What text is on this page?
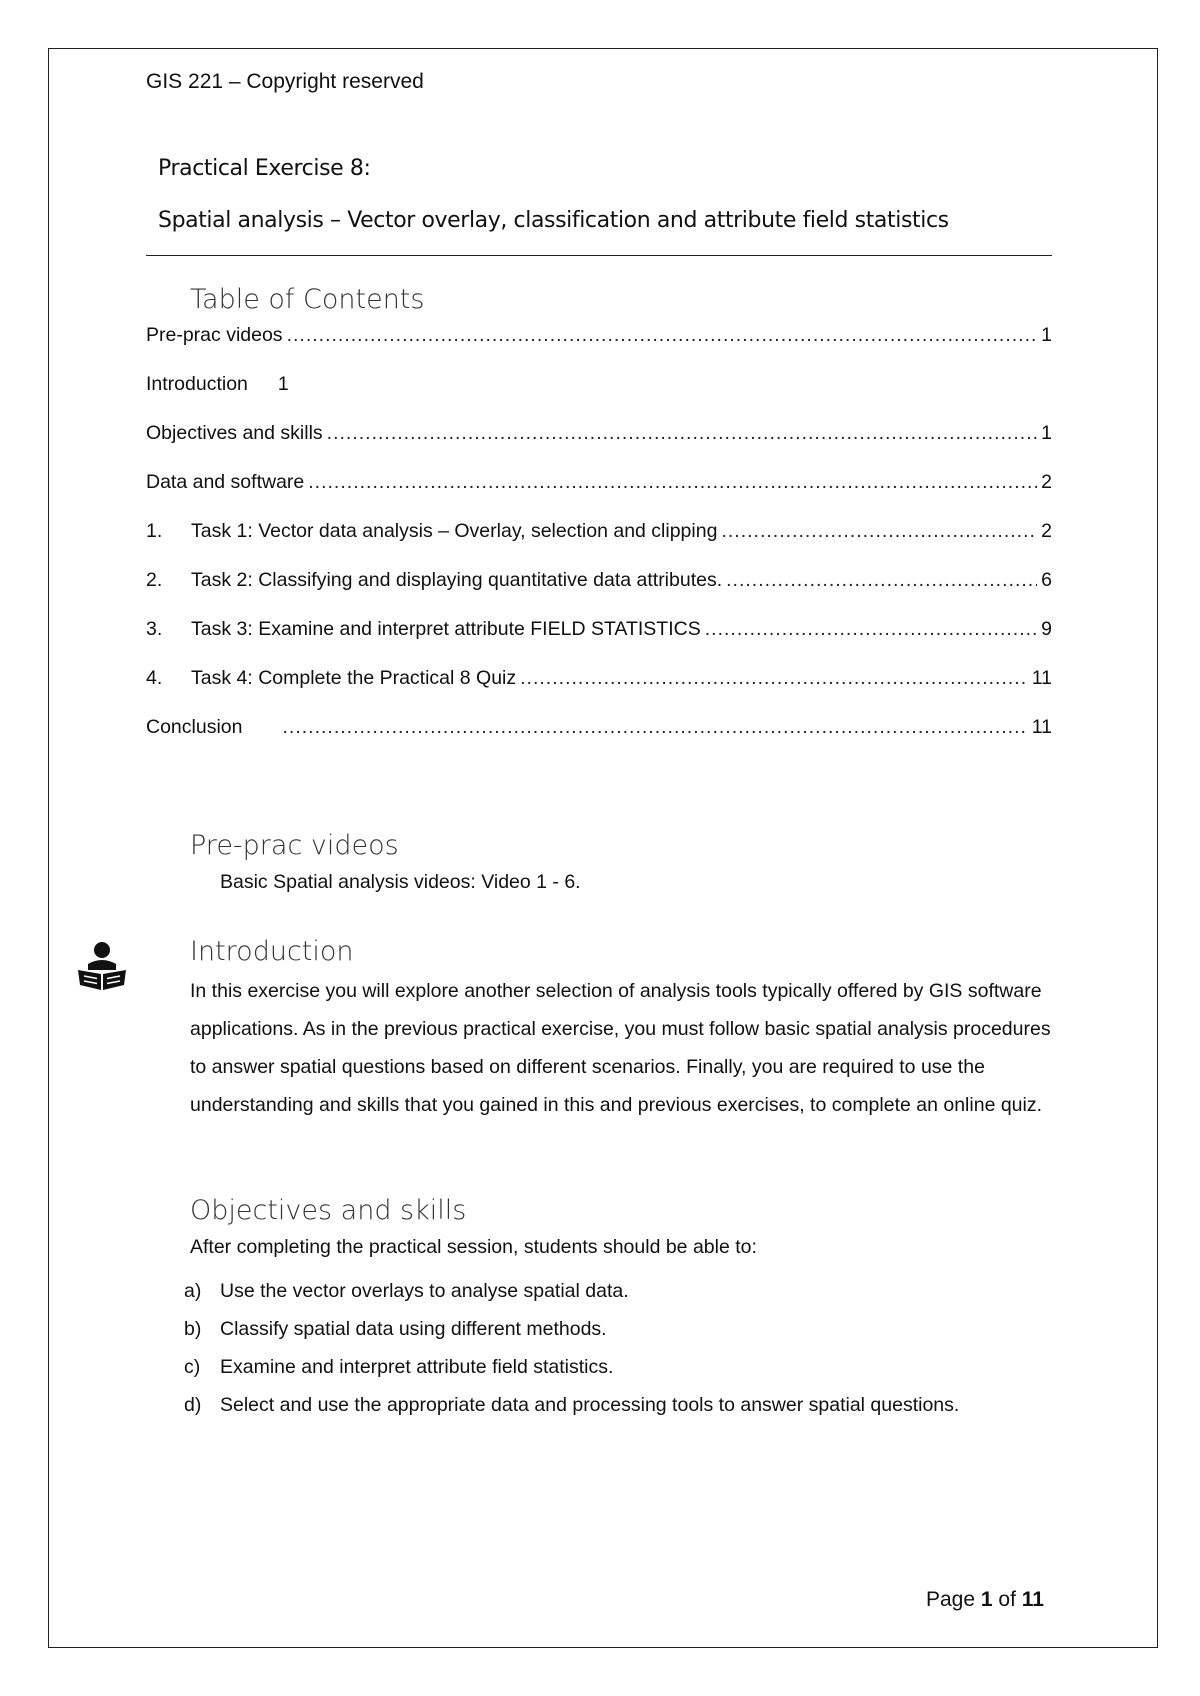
GIS 221 – Copyright reserved
Practical Exercise 8:
Spatial analysis – Vector overlay, classification and attribute field statistics
Table of Contents
Pre-prac videos .....	1
Introduction 1
Objectives and skills .....	1
Data and software .....	2
1.	Task 1: Vector data analysis – Overlay, selection and clipping .....	2
2.	Task 2: Classifying and displaying quantitative data attributes. .....	6
3.	Task 3: Examine and interpret attribute FIELD STATISTICS .....	9
4.	Task 4: Complete the Practical 8 Quiz .....	11
Conclusion .....	11
Pre-prac videos
Basic Spatial analysis videos: Video 1 - 6.
Introduction
In this exercise you will explore another selection of analysis tools typically offered by GIS software applications. As in the previous practical exercise, you must follow basic spatial analysis procedures to answer spatial questions based on different scenarios. Finally, you are required to use the understanding and skills that you gained in this and previous exercises, to complete an online quiz.
Objectives and skills
After completing the practical session, students should be able to:
a) Use the vector overlays to analyse spatial data.
b) Classify spatial data using different methods.
c)	Examine and interpret attribute field statistics.
d) Select and use the appropriate data and processing tools to answer spatial questions.
Page 1 of 11
